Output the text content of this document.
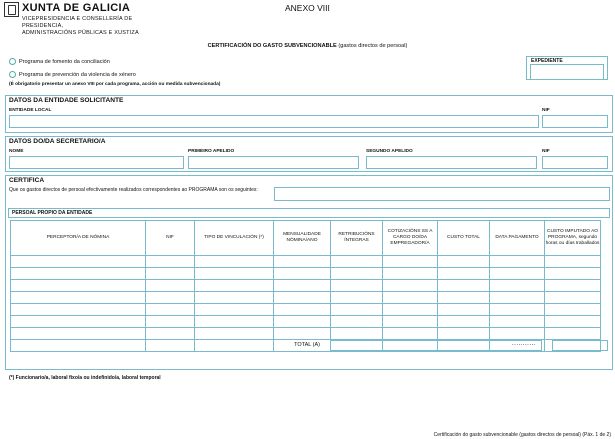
XUNTA DE GALICIA
VICEPRESIDENCIA E CONSELLERÍA DE PRESIDENCIA,
ADMINISTRACIÓNS PÚBLICAS E XUSTIZA
ANEXO VIII
CERTIFICACIÓN DO GASTO SUBVENCIONABLE (gastos directos de persoal)
Programa de fomento da conciliación
Programa de prevención da violencia de xénero
(É obrigatorio presentar un anexo VIII por cada programa, acción ou medida subvencionada)
EXPEDIENTE
DATOS DA ENTIDADE SOLICITANTE
ENTIDADE LOCAL	NIF
DATOS DO/DA SECRETARIO/A
NOME	PRIMEIRO APELIDO	SEGUNDO APELIDO	NIF
CERTIFICA
Que os gastos directos de persoal efectivamente realizados correspondentes ao PROGRAMA son os seguintes:
PERSOAL PROPIO DA ENTIDADE
PERCEPTOR/A DE NÓMINA	NIF	TIPO DE VINCULACIÓN (*)	MENSUALIDADE NÓMINA/ANO	RETRIBUCIÓNS ÍNTEGRAS	COTIZACIÓNS SS A CARGO DO/DA EMPREGADOR/A	CUSTO TOTAL	DATA PAGAMENTO	CUSTO IMPUTADO AO PROGRAMA, segundo horas ou días traballados

TOTAL (A)	...........
(*) Funcionario/a, laboral fixo/a ou indefinido/a, laboral temporal
Certificación do gasto subvencionable (gastos directos de persoal) (Páx. 1 de 2)
